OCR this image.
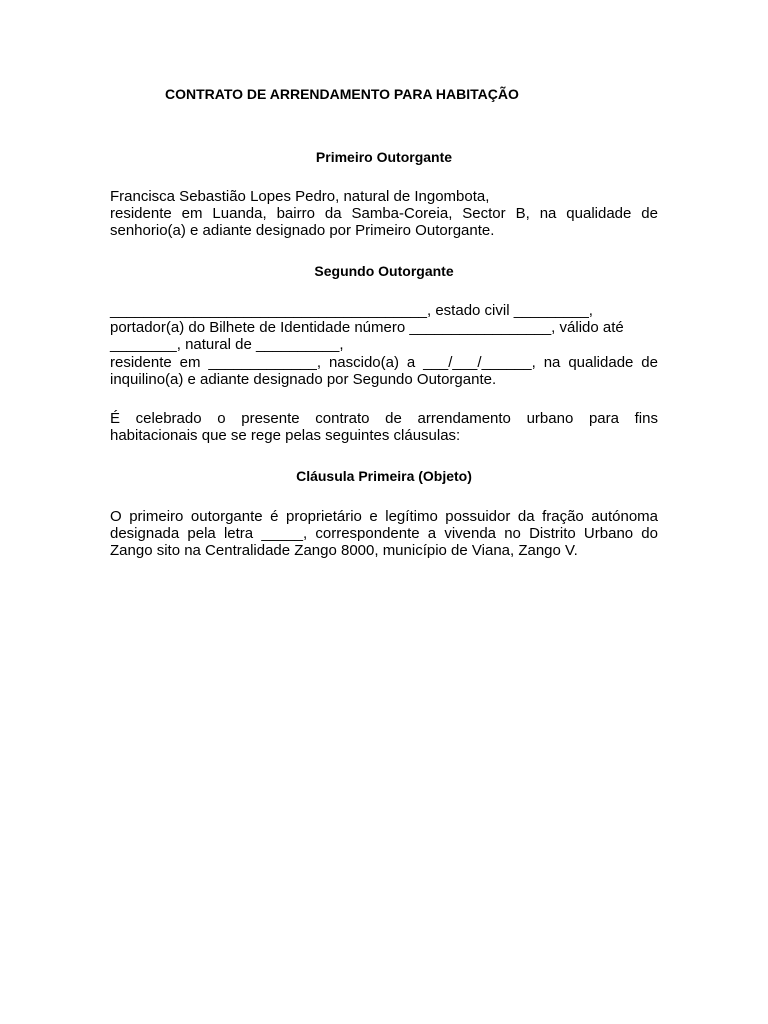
CONTRATO DE ARRENDAMENTO PARA HABITAÇÃO
Primeiro Outorgante

Francisca Sebastião Lopes Pedro, natural de Ingombota,
residente em Luanda, bairro da Samba-Coreia, Sector B, na qualidade de
senhorio(a) e adiante designado por Primeiro Outorgante.

Segundo Outorgante

______________________________________, estado civil _________,
portador(a) do Bilhete de Identidade número _________________, válido até
________, natural de __________,
residente em _____________, nascido(a) a ___/___/______, na qualidade de
inquilino(a) e adiante designado por Segundo Outorgante.

É celebrado o presente contrato de arrendamento urbano para fins
habitacionais que se rege pelas seguintes cláusulas:

Cláusula Primeira (Objeto)

O primeiro outorgante é proprietário e legítimo possuidor da fração autónoma
designada pela letra _____, correspondente a vivenda no Distrito Urbano do
Zango sito na Centralidade Zango 8000, município de Viana, Zango V.
